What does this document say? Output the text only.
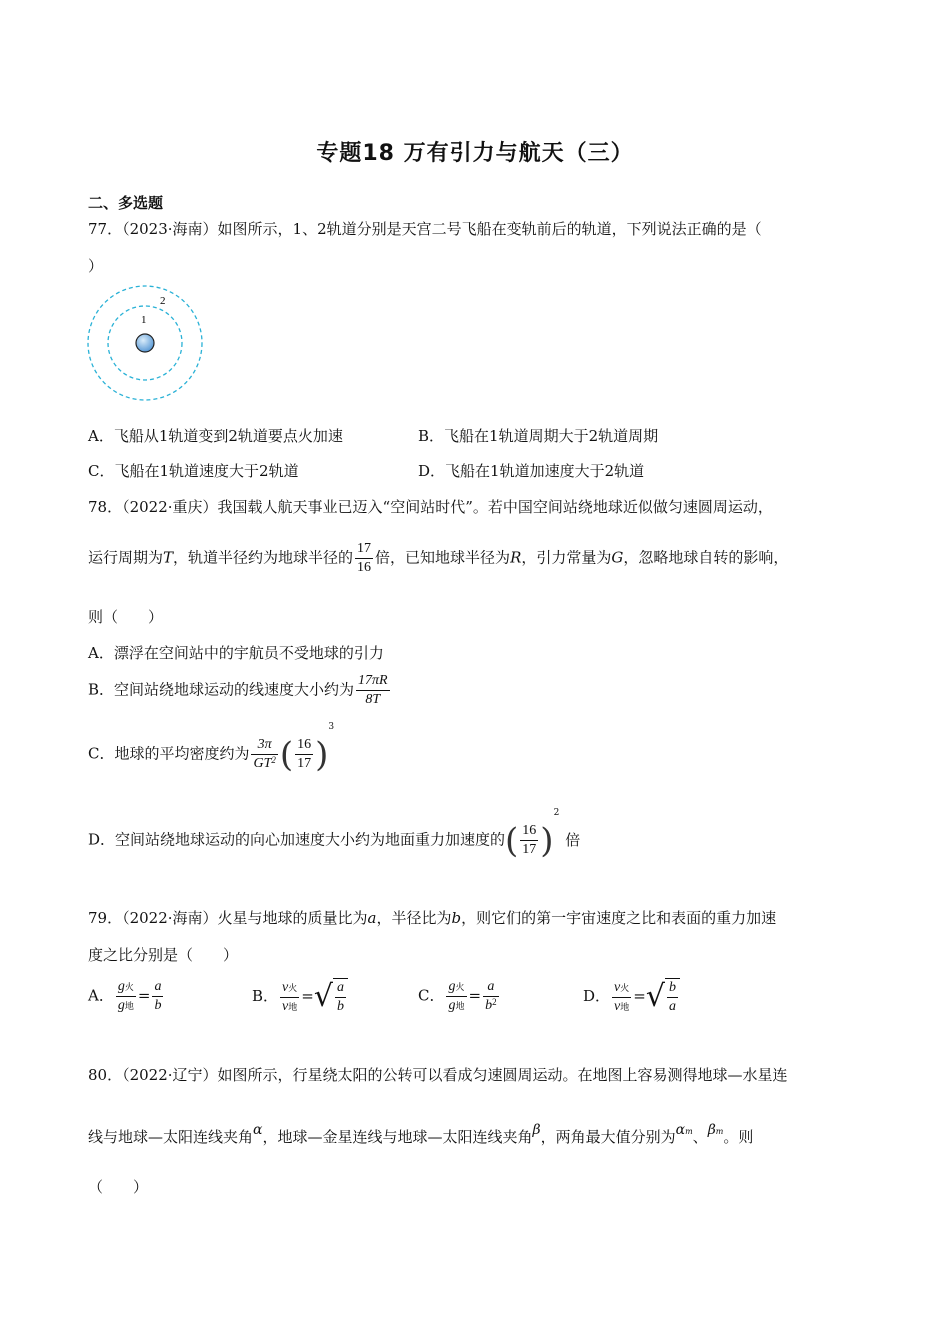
专题18 万有引力与航天（三）
二、多选题
77．（2023·海南）如图所示，1、2轨道分别是天宫二号飞船在变轨前后的轨道，下列说法正确的是（
）
1
2
A．飞船从1轨道变到2轨道要点火加速	B．飞船在1轨道周期大于2轨道周期
C．飞船在1轨道速度大于2轨道	D．飞船在1轨道加速度大于2轨道
78．（2022·重庆）我国载人航天事业已迈入“空间站时代”。若中国空间站绕地球近似做匀速圆周运动，
运行周期为T，轨道半径约为地球半径的 $\frac{17}{16}$ 倍，已知地球半径为R，引力常量为G，忽略地球自转的影响，
则（　　）
A．漂浮在空间站中的宇航员不受地球的引力
B．空间站绕地球运动的线速度大小约为 $\frac{17\pi R}{8T}$
C．地球的平均密度约为 $\frac{3\pi}{GT^2}$ ( $\frac{16}{17} )^3$
D．空间站绕地球运动的向心加速度大小约为地面重力加速度的( $\frac{16}{17} )^2$倍
79．（2022·海南）火星与地球的质量比为a，半径比为b，则它们的第一宇宙速度之比和表面的重力加速
度之比分别是（　　）
A． $\frac{\text{g火}}{\text{g地}} = \frac{a}{b}$	B． $\frac{\text{v火}}{\text{v地}}$ =√ $\frac{a}{b}$	C． $\frac{\text{g火}}{\text{g地}} = \frac{a}{b^2}$	D． $\frac{\text{v火}}{\text{v地}}$ =√ $\frac{b}{a}$
80．（2022·辽宁）如图所示，行星绕太阳的公转可以看成匀速圆周运动。在地图上容易测得地球—水星连
线与地球—太阳连线夹角α，地球—金星连线与地球—太阳连线夹角β，两角最大值分别为αm、βm。则
（　　）
